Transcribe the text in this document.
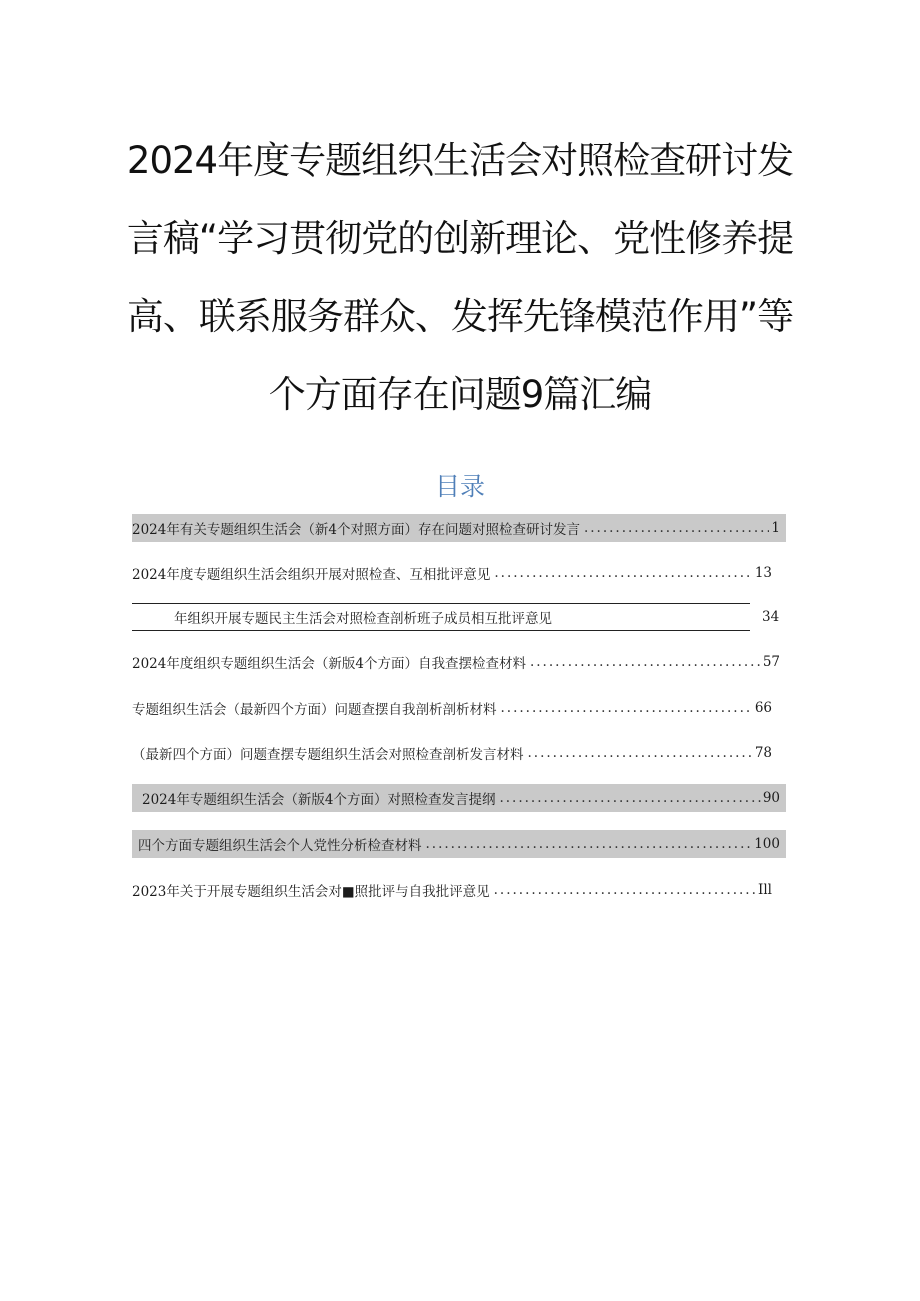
2024年度专题组织生活会对照检查研讨发
言稿“学习贯彻党的创新理论、党性修养提
高、联系服务群众、发挥先锋模范作用”等
个方面存在问题9篇汇编
目录
2024年有关专题组织生活会（新4个对照方面）存在问题对照检查研讨发言 .....	1
2024年度专题组织生活会组织开展对照检查、互相批评意见 .....	13
年组织开展专题民主生活会对照检查剖析班子成员相互批评意见	34
2024年度组织专题组织生活会（新版4个方面）自我查摆检查材料 .....	57
专题组织生活会（最新四个方面）问题查摆自我剖析剖析材料 .....	66
（最新四个方面）问题查摆专题组织生活会对照检查剖析发言材料 .....	78
2024年专题组织生活会（新版4个方面）对照检查发言提纲 .....	90
四个方面专题组织生活会个人党性分析检查材料 .....	100
2023年关于开展专题组织生活会对■照批评与自我批评意见 .....	Ill
